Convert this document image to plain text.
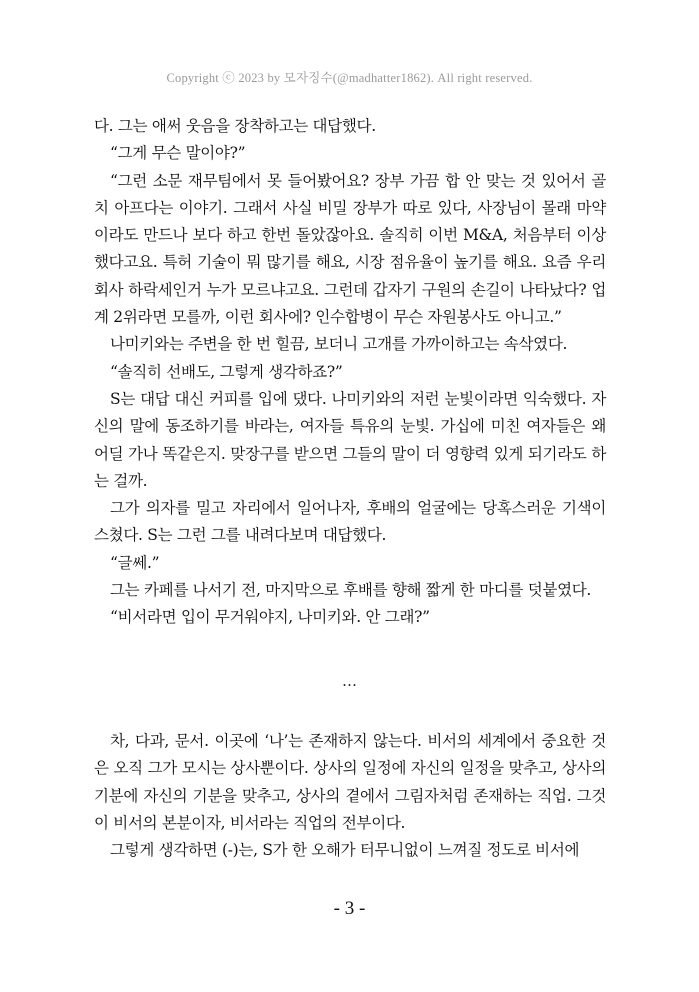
Copyright ⓒ 2023 by 모자징수(@madhatter1862). All right reserved.

다. 그는 애써 웃음을 장착하고는 대답했다.

“그게 무슨 말이야?”

“그런 소문 재무팀에서 못 들어봤어요? 장부 가끔 합 안 맞는 것 있어서 골치 아프다는 이야기. 그래서 사실 비밀 장부가 따로 있다, 사장님이 몰래 마약이라도 만드나 보다 하고 한번 돌았잖아요. 솔직히 이번 M&A, 처음부터 이상했다고요. 특허 기술이 뭐 많기를 해요, 시장 점유율이 높기를 해요. 요즘 우리 회사 하락세인거 누가 모르냐고요. 그런데 갑자기 구원의 손길이 나타났다? 업계 2위라면 모를까, 이런 회사에? 인수합병이 무슨 자원봉사도 아니고.”

나미키와는 주변을 한 번 힐끔, 보더니 고개를 가까이하고는 속삭였다.

“솔직히 선배도, 그렇게 생각하죠?”

S는 대답 대신 커피를 입에 댔다. 나미키와의 저런 눈빛이라면 익숙했다. 자신의 말에 동조하기를 바라는, 여자들 특유의 눈빛. 가십에 미친 여자들은 왜 어딜 가나 똑같은지. 맞장구를 받으면 그들의 말이 더 영향력 있게 되기라도 하는 걸까.

그가 의자를 밀고 자리에서 일어나자, 후배의 얼굴에는 당혹스러운 기색이 스쳤다. S는 그런 그를 내려다보며 대답했다.

“글쎄.”

그는 카페를 나서기 전, 마지막으로 후배를 향해 짧게 한 마디를 덧붙였다.

“비서라면 입이 무거워야지, 나미키와. 안 그래?”

…

차, 다과, 문서. 이곳에 ‘나’는 존재하지 않는다. 비서의 세계에서 중요한 것은 오직 그가 모시는 상사뿐이다. 상사의 일정에 자신의 일정을 맞추고, 상사의 기분에 자신의 기분을 맞추고, 상사의 곁에서 그림자처럼 존재하는 직업. 그것이 비서의 본분이자, 비서라는 직업의 전부이다.

그렇게 생각하면 (-)는, S가 한 오해가 터무니없이 느껴질 정도로 비서에

- 3 -
